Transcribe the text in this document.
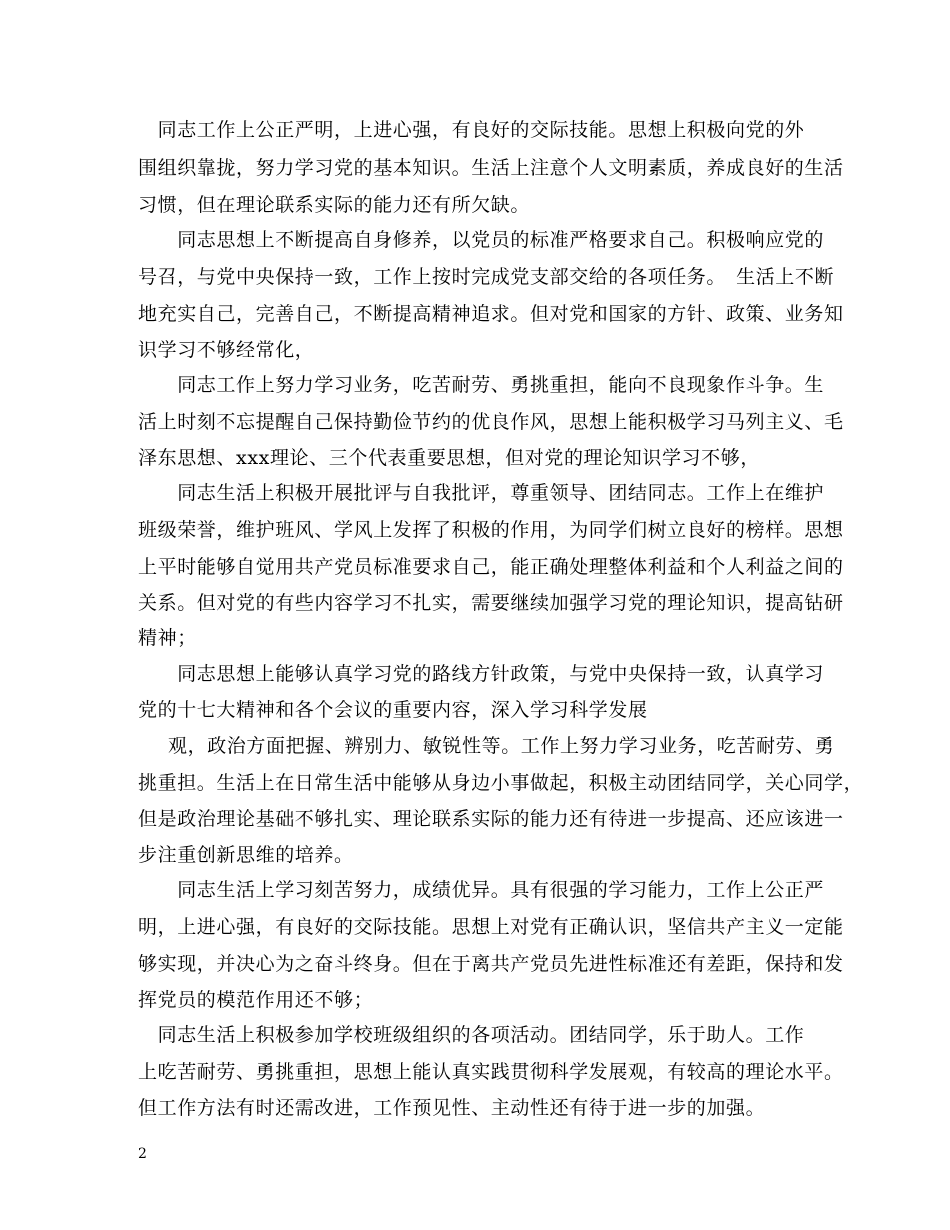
　同志工作上公正严明，上进心强，有良好的交际技能。思想上积极向党的外
围组织靠拢，努力学习党的基本知识。生活上注意个人文明素质，养成良好的生活
习惯，但在理论联系实际的能力还有所欠缺。
　　同志思想上不断提高自身修养，以党员的标准严格要求自己。积极响应党的
号召，与党中央保持一致，工作上按时完成党支部交给的各项任务。　生活上不断
地充实自己，完善自己，不断提高精神追求。但对党和国家的方针、政策、业务知
识学习不够经常化，
　　同志工作上努力学习业务，吃苦耐劳、勇挑重担，能向不良现象作斗争。生
活上时刻不忘提醒自己保持勤俭节约的优良作风，思想上能积极学习马列主义、毛
泽东思想、xxx理论、三个代表重要思想，但对党的理论知识学习不够，
　　同志生活上积极开展批评与自我批评，尊重领导、团结同志。工作上在维护
班级荣誉，维护班风、学风上发挥了积极的作用，为同学们树立良好的榜样。思想
上平时能够自觉用共产党员标准要求自己，能正确处理整体利益和个人利益之间的
关系。但对党的有些内容学习不扎实，需要继续加强学习党的理论知识，提高钻研
精神；
　　同志思想上能够认真学习党的路线方针政策，与党中央保持一致，认真学习
党的十七大精神和各个会议的重要内容，深入学习科学发展
观，政治方面把握、辨别力、敏锐性等。工作上努力学习业务，吃苦耐劳、勇
挑重担。生活上在日常生活中能够从身边小事做起，积极主动团结同学，关心同学，
但是政治理论基础不够扎实、理论联系实际的能力还有待进一步提高、还应该进一
步注重创新思维的培养。
　　同志生活上学习刻苦努力，成绩优异。具有很强的学习能力，工作上公正严
明，上进心强，有良好的交际技能。思想上对党有正确认识，坚信共产主义一定能
够实现，并决心为之奋斗终身。但在于离共产党员先进性标准还有差距，保持和发
挥党员的模范作用还不够；
　同志生活上积极参加学校班级组织的各项活动。团结同学，乐于助人。工作
上吃苦耐劳、勇挑重担，思想上能认真实践贯彻科学发展观，有较高的理论水平。
但工作方法有时还需改进，工作预见性、主动性还有待于进一步的加强。
2
